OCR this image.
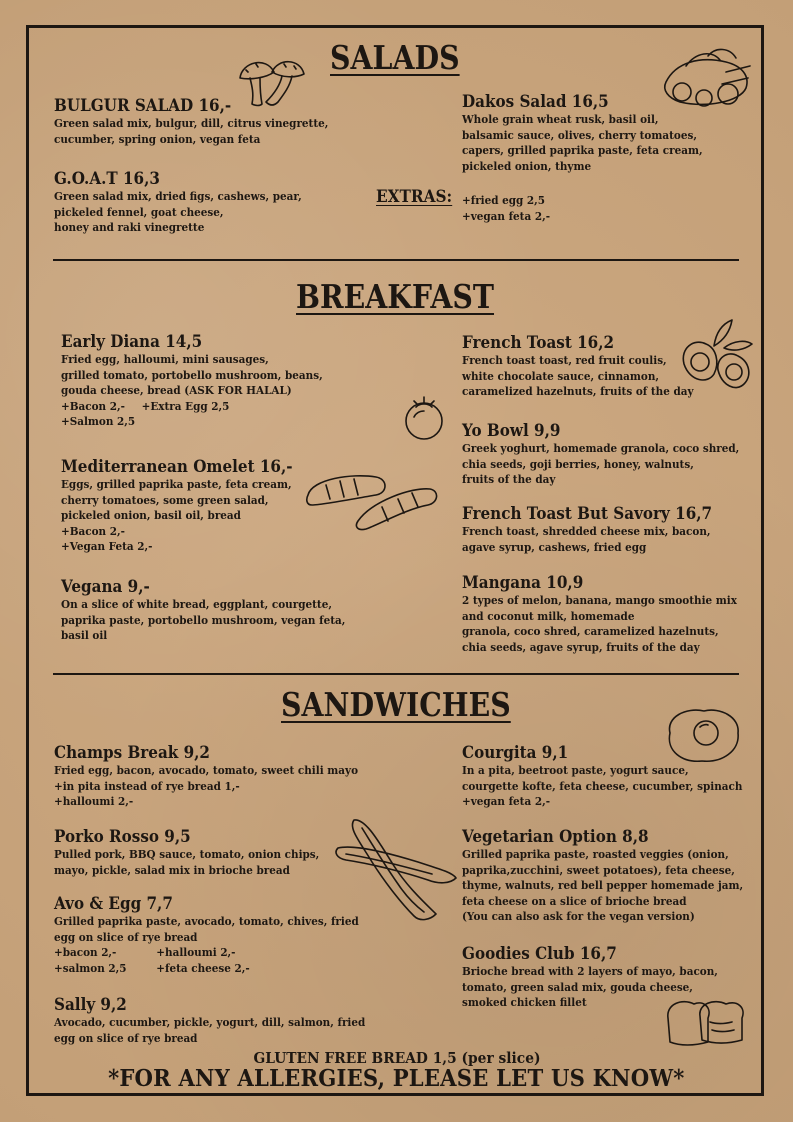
SALADS
BULGUR SALAD 16,-
Green salad mix, bulgur, dill, citrus vinegrette,
cucumber, spring onion, vegan feta
G.O.A.T 16,3
Green salad mix, dried figs, cashews, pear,
pickeled fennel, goat cheese,
honey and raki vinegrette
Dakos Salad 16,5
Whole grain wheat rusk, basil oil,
balsamic sauce, olives, cherry tomatoes,
capers, grilled paprika paste, feta cream,
pickeled onion, thyme
EXTRAS: +fried egg 2,5
+vegan feta 2,-
BREAKFAST
Early Diana 14,5
Fried egg, halloumi, mini sausages,
grilled tomato, portobello mushroom, beans,
gouda cheese, bread (ASK FOR HALAL)
+Bacon 2,- +Extra Egg 2,5
+Salmon 2,5
Mediterranean Omelet 16,-
Eggs, grilled paprika paste, feta cream,
cherry tomatoes, some green salad,
pickeled onion, basil oil, bread
+Bacon 2,-
+Vegan Feta 2,-
Vegana 9,-
On a slice of white bread, eggplant, courgette,
paprika paste, portobello mushroom, vegan feta,
basil oil
French Toast 16,2
French toast toast, red fruit coulis,
white chocolate sauce, cinnamon,
caramelized hazelnuts, fruits of the day
Yo Bowl 9,9
Greek yoghurt, homemade granola, coco shred,
chia seeds, goji berries, honey, walnuts,
fruits of the day
French Toast But Savory 16,7
French toast, shredded cheese mix, bacon,
agave syrup, cashews, fried egg
Mangana 10,9
2 types of melon, banana, mango smoothie mix
and coconut milk, homemade
granola, coco shred, caramelized hazelnuts,
chia seeds, agave syrup, fruits of the day
SANDWICHES
Champs Break 9,2
Fried egg, bacon, avocado, tomato, sweet chili mayo
+in pita instead of rye bread 1,-
+halloumi 2,-
Porko Rosso 9,5
Pulled pork, BBQ sauce, tomato, onion chips,
mayo, pickle, salad mix in brioche bread
Avo & Egg 7,7
Grilled paprika paste, avocado, tomato, chives, fried
egg on slice of rye bread
+bacon 2,-	+halloumi 2,-
+salmon 2,5	+feta cheese 2,-
Sally 9,2
Avocado, cucumber, pickle, yogurt, dill, salmon, fried
egg on slice of rye bread
Courgita 9,1
In a pita, beetroot paste, yogurt sauce,
courgette kofte, feta cheese, cucumber, spinach
+vegan feta 2,-
Vegetarian Option 8,8
Grilled paprika paste, roasted veggies (onion,
paprika,zucchini, sweet potatoes), feta cheese,
thyme, walnuts, red bell pepper homemade jam,
feta cheese on a slice of brioche bread
(You can also ask for the vegan version)
Goodies Club 16,7
Brioche bread with 2 layers of mayo, bacon,
tomato, green salad mix, gouda cheese,
smoked chicken fillet
GLUTEN FREE BREAD 1,5 (per slice)
*FOR ANY ALLERGIES, PLEASE LET US KNOW*
